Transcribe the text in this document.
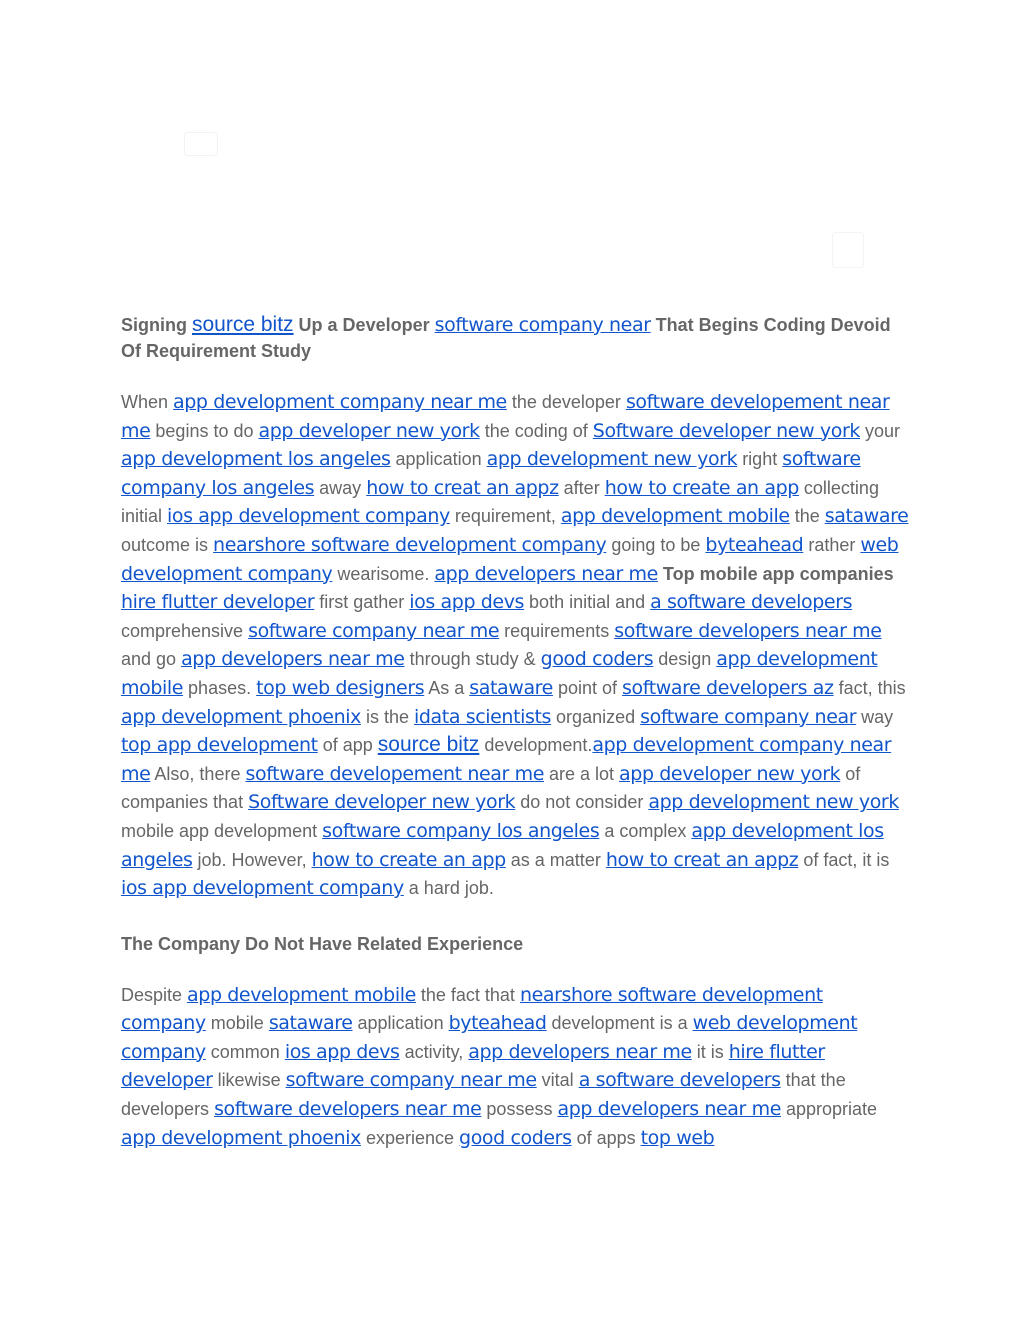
Signing source bitz Up a Developer software company near That Begins Coding Devoid Of Requirement Study

When app development company near me the developer software developement near me begins to do app developer new york the coding of Software developer new york your app development los angeles application app development new york right software company los angeles away how to creat an appz after how to create an app collecting initial ios app development company requirement, app development mobile the sataware outcome is nearshore software development company going to be byteahead rather web development company wearisome. app developers near me Top mobile app companies hire flutter developer first gather ios app devs both initial and a software developers comprehensive software company near me requirements software developers near me and go app developers near me through study & good coders design app development mobile phases. top web designers As a sataware point of software developers az fact, this app development phoenix is the idata scientists organized software company near way top app development of app source bitz development.app development company near me Also, there software developement near me are a lot app developer new york of companies that Software developer new york do not consider app development new york mobile app development software company los angeles a complex app development los angeles job. However, how to create an app as a matter how to creat an appz of fact, it is ios app development company a hard job.

The Company Do Not Have Related Experience

Despite app development mobile the fact that nearshore software development company mobile sataware application byteahead development is a web development company common ios app devs activity, app developers near me it is hire flutter developer likewise software company near me vital a software developers that the developers software developers near me possess app developers near me appropriate app development phoenix experience good coders of apps top web
